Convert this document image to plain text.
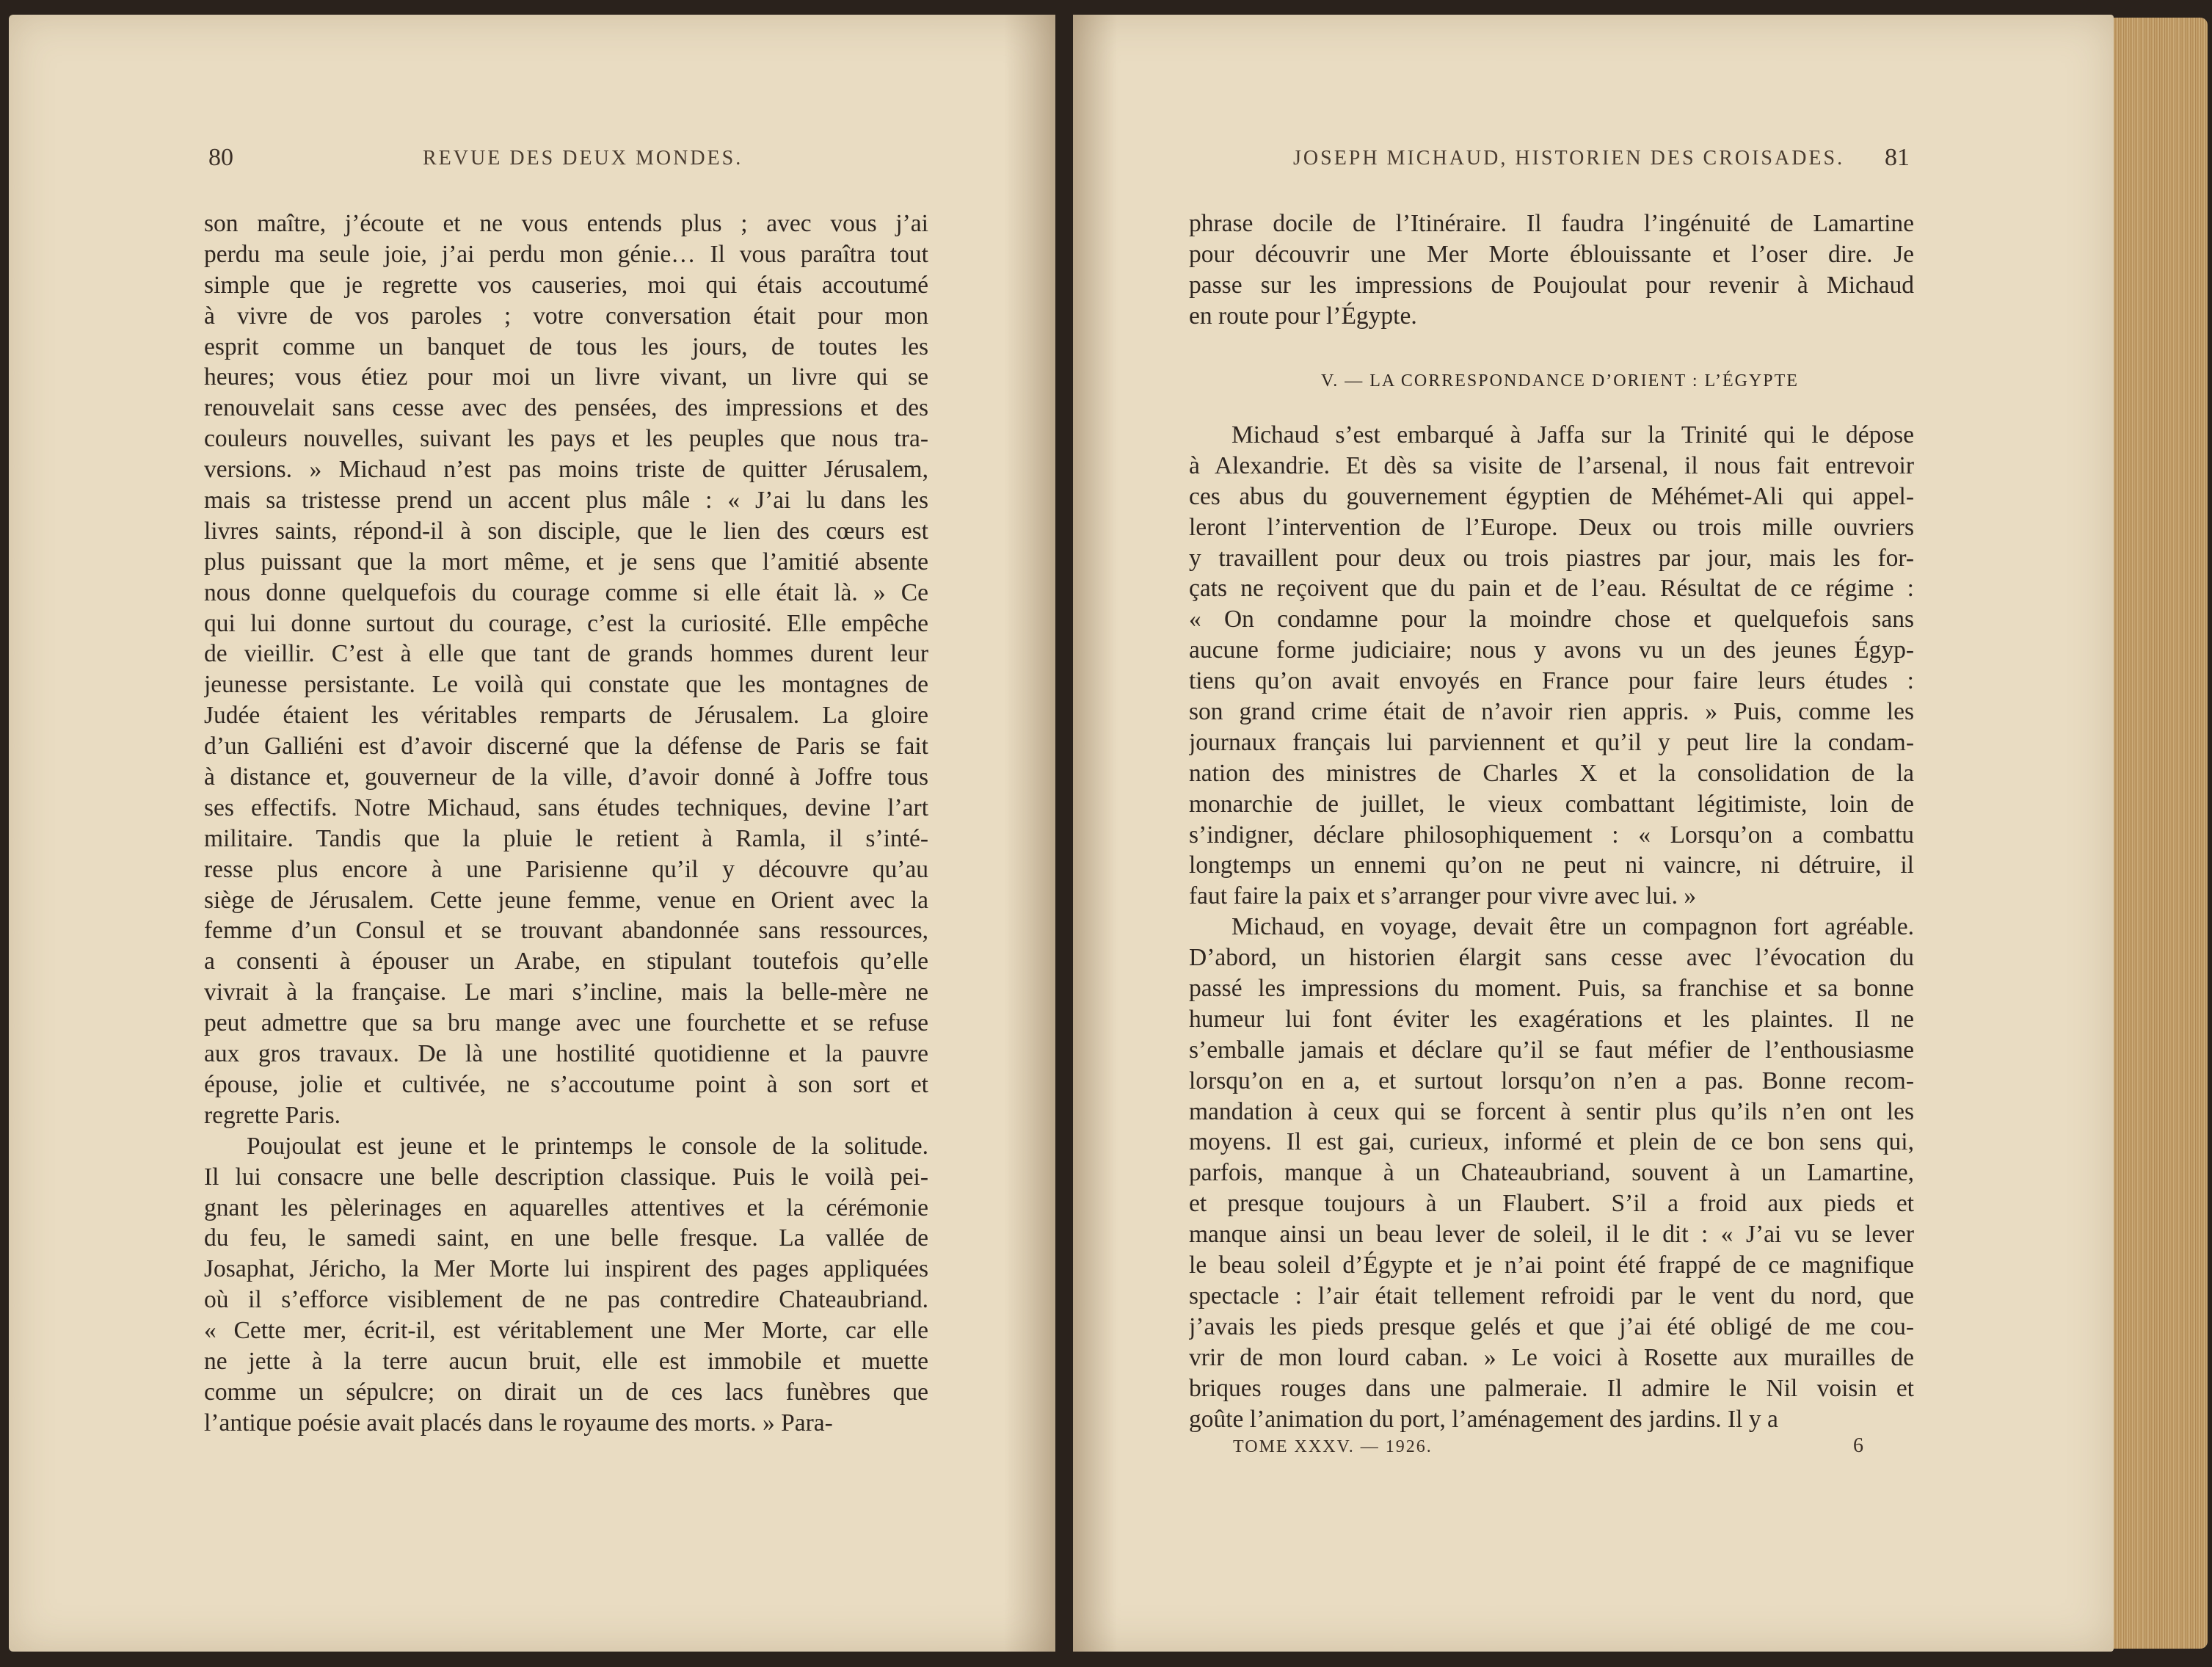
80	REVUE DES DEUX MONDES.	JOSEPH MICHAUD, HISTORIEN DES CROISADES. 81
son maître, j’écoute et ne vous entends plus ; avec vous j’ai
perdu ma seule joie, j’ai perdu mon génie… Il vous paraîtra tout
simple que je regrette vos causeries, moi qui étais accoutumé
à vivre de vos paroles ; votre conversation était pour mon
esprit comme un banquet de tous les jours, de toutes les
heures; vous étiez pour moi un livre vivant, un livre qui se
renouvelait sans cesse avec des pensées, des impressions et des
couleurs nouvelles, suivant les pays et les peuples que nous tra-
versions. » Michaud n’est pas moins triste de quitter Jérusalem,
mais sa tristesse prend un accent plus mâle : « J’ai lu dans les
livres saints, répond-il à son disciple, que le lien des cœurs est
plus puissant que la mort même, et je sens que l’amitié absente
nous donne quelquefois du courage comme si elle était là. » Ce
qui lui donne surtout du courage, c’est la curiosité. Elle empêche
de vieillir. C’est à elle que tant de grands hommes durent leur
jeunesse persistante. Le voilà qui constate que les montagnes de
Judée étaient les véritables remparts de Jérusalem. La gloire
d’un Galliéni est d’avoir discerné que la défense de Paris se fait
à distance et, gouverneur de la ville, d’avoir donné à Joffre tous
ses effectifs. Notre Michaud, sans études techniques, devine l’art
militaire. Tandis que la pluie le retient à Ramla, il s’inté-
resse plus encore à une Parisienne qu’il y découvre qu’au
siège de Jérusalem. Cette jeune femme, venue en Orient avec la
femme d’un Consul et se trouvant abandonnée sans ressources,
a consenti à épouser un Arabe, en stipulant toutefois qu’elle
vivrait à la française. Le mari s’incline, mais la belle-mère ne
peut admettre que sa bru mange avec une fourchette et se refuse
aux gros travaux. De là une hostilité quotidienne et la pauvre
épouse, jolie et cultivée, ne s’accoutume point à son sort et
regrette Paris.
Poujoulat est jeune et le printemps le console de la solitude.
Il lui consacre une belle description classique. Puis le voilà pei-
gnant les pèlerinages en aquarelles attentives et la cérémonie
du feu, le samedi saint, en une belle fresque. La vallée de
Josaphat, Jéricho, la Mer Morte lui inspirent des pages appliquées
où il s’efforce visiblement de ne pas contredire Chateaubriand.
« Cette mer, écrit-il, est véritablement une Mer Morte, car elle
ne jette à la terre aucun bruit, elle est immobile et muette
comme un sépulcre; on dirait un de ces lacs funèbres que
l’antique poésie avait placés dans le royaume des morts. » Para-
phrase docile de l’Itinéraire. Il faudra l’ingénuité de Lamartine
pour découvrir une Mer Morte éblouissante et l’oser dire. Je
passe sur les impressions de Poujoulat pour revenir à Michaud
en route pour l’Égypte.
V. — LA CORRESPONDANCE D’ORIENT : L’ÉGYPTE
Michaud s’est embarqué à Jaffa sur la Trinité qui le dépose
à Alexandrie. Et dès sa visite de l’arsenal, il nous fait entrevoir
ces abus du gouvernement égyptien de Méhémet-Ali qui appel-
leront l’intervention de l’Europe. Deux ou trois mille ouvriers
y travaillent pour deux ou trois piastres par jour, mais les for-
çats ne reçoivent que du pain et de l’eau. Résultat de ce régime :
« On condamne pour la moindre chose et quelquefois sans
aucune forme judiciaire; nous y avons vu un des jeunes Égyp-
tiens qu’on avait envoyés en France pour faire leurs études :
son grand crime était de n’avoir rien appris. » Puis, comme les
journaux français lui parviennent et qu’il y peut lire la condam-
nation des ministres de Charles X et la consolidation de la
monarchie de juillet, le vieux combattant légitimiste, loin de
s’indigner, déclare philosophiquement : « Lorsqu’on a combattu
longtemps un ennemi qu’on ne peut ni vaincre, ni détruire, il
faut faire la paix et s’arranger pour vivre avec lui. »
Michaud, en voyage, devait être un compagnon fort agréable.
D’abord, un historien élargit sans cesse avec l’évocation du
passé les impressions du moment. Puis, sa franchise et sa bonne
humeur lui font éviter les exagérations et les plaintes. Il ne
s’emballe jamais et déclare qu’il se faut méfier de l’enthousiasme
lorsqu’on en a, et surtout lorsqu’on n’en a pas. Bonne recom-
mandation à ceux qui se forcent à sentir plus qu’ils n’en ont les
moyens. Il est gai, curieux, informé et plein de ce bon sens qui,
parfois, manque à un Chateaubriand, souvent à un Lamartine,
et presque toujours à un Flaubert. S’il a froid aux pieds et
manque ainsi un beau lever de soleil, il le dit : « J’ai vu se lever
le beau soleil d’Égypte et je n’ai point été frappé de ce magnifique
spectacle : l’air était tellement refroidi par le vent du nord, que
j’avais les pieds presque gelés et que j’ai été obligé de me cou-
vrir de mon lourd caban. » Le voici à Rosette aux murailles de
briques rouges dans une palmeraie. Il admire le Nil voisin et
goûte l’animation du port, l’aménagement des jardins. Il y a
TOME XXXV. — 1926.	6
